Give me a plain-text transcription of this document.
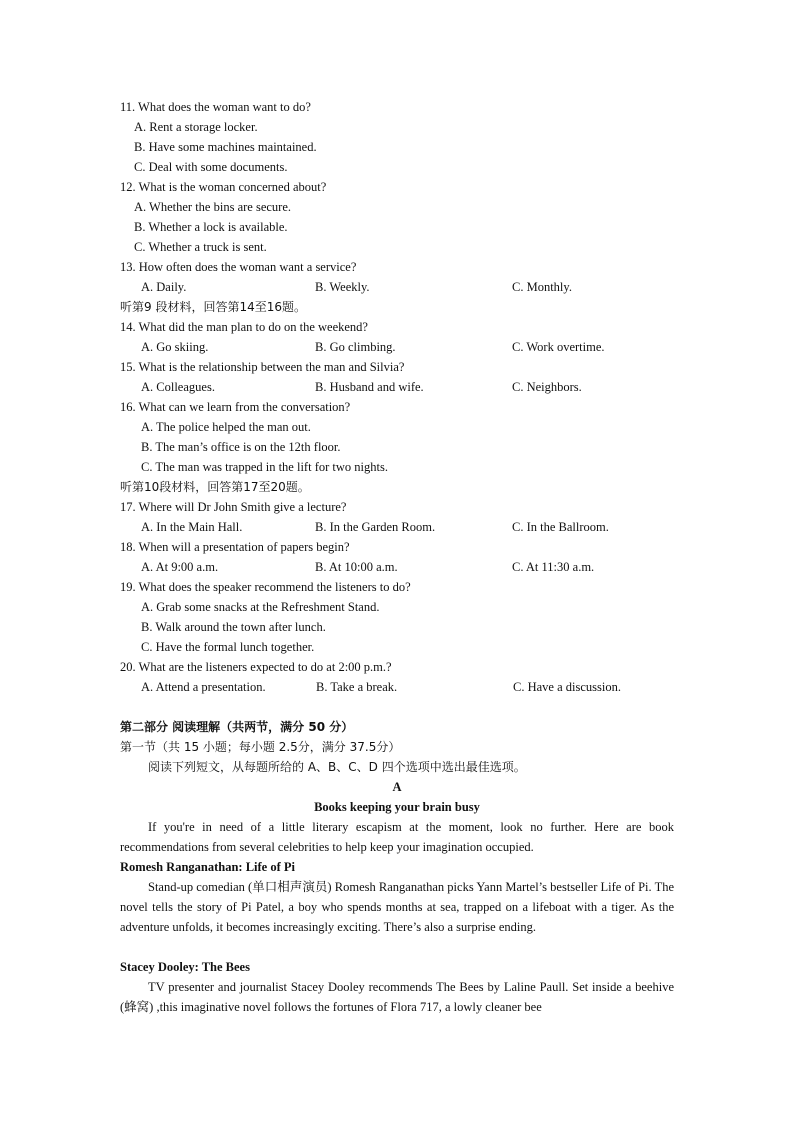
11. What does the woman want to do?
A. Rent a storage locker.
B. Have some machines maintained.
C. Deal with some documents.
12. What is the woman concerned about?
A. Whether the bins are secure.
B. Whether a lock is available.
C. Whether a truck is sent.
13. How often does the woman want a service?
A. Daily.	B. Weekly.	C. Monthly.
听第9 段材料，回答第14至16题。
14. What did the man plan to do on the weekend?
A. Go skiing.	B. Go climbing.	C. Work overtime.
15. What is the relationship between the man and Silvia?
A. Colleagues.	B. Husband and wife.	C. Neighbors.
16. What can we learn from the conversation?
A. The police helped the man out.
B. The man’s office is on the 12th floor.
C. The man was trapped in the lift for two nights.
听第10段材料，回答第17至20题。
17. Where will Dr John Smith give a lecture?
A. In the Main Hall.	B. In the Garden Room.	C. In the Ballroom.
18. When will a presentation of papers begin?
A. At 9:00 a.m.	B. At 10:00 a.m.	C. At 11:30 a.m.
19. What does the speaker recommend the listeners to do?
A. Grab some snacks at the Refreshment Stand.
B. Walk around the town after lunch.
C. Have the formal lunch together.
20. What are the listeners expected to do at 2:00 p.m.?
A. Attend a presentation.	B. Take a break.	C. Have a discussion.
第二部分 阅读理解（共两节，满分 50 分）
第一节（共 15 小题；每小题 2.5分，满分 37.5分）
阅读下列短文，从每题所给的 A、B、C、D 四个选项中选出最佳选项。
A
Books keeping your brain busy
If you're in need of a little literary escapism at the moment, look no further. Here are book recommendations from several celebrities to help keep your imagination occupied.
Romesh Ranganathan: Life of Pi
Stand-up comedian (单口相声演员) Romesh Ranganathan picks Yann Martel’s bestseller Life of Pi. The novel tells the story of Pi Patel, a boy who spends months at sea, trapped on a lifeboat with a tiger. As the adventure unfolds, it becomes increasingly exciting. There’s also a surprise ending.
Stacey Dooley: The Bees
TV presenter and journalist Stacey Dooley recommends The Bees by Laline Paull. Set inside a beehive (蜂窝) ,this imaginative novel follows the fortunes of Flora 717, a lowly cleaner bee
